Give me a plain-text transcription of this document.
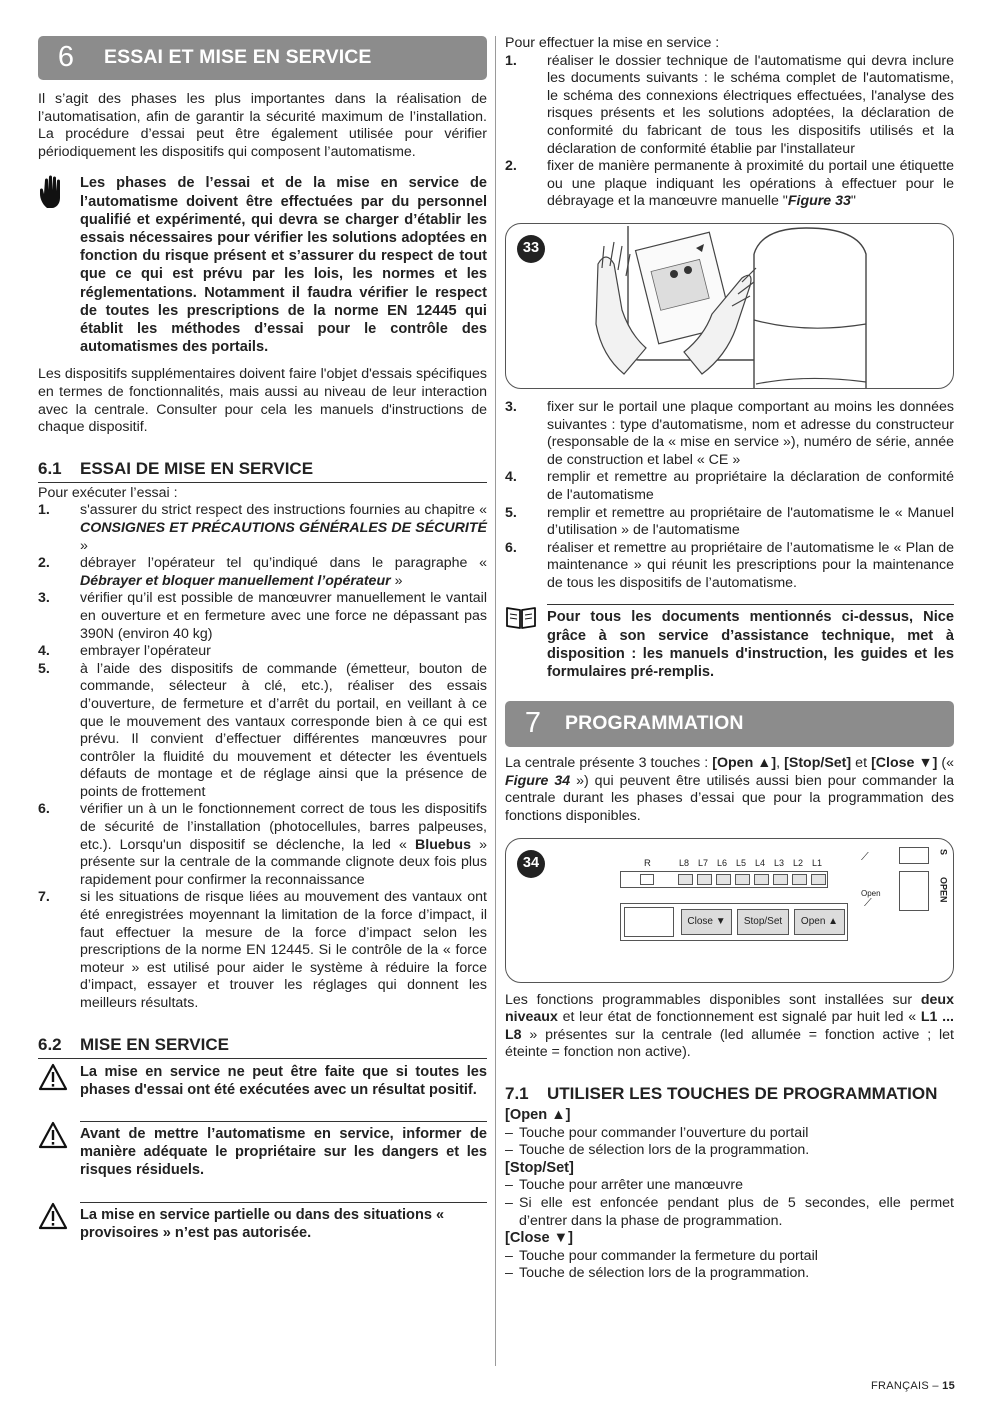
6	ESSAI ET MISE EN SERVICE

Il s’agit des phases les plus importantes dans la réalisation de l’automatisation, afin de garantir la sécurité maximum de l’installation. La procédure d’essai peut être également utilisée pour vérifier périodiquement les dispositifs qui composent l’automatisme.

Les phases de l’essai et de la mise en service de l’automatisme doivent être effectuées par du personnel qualifié et expérimenté, qui devra se charger d’établir les essais nécessaires pour vérifier les solutions adoptées en fonction du risque présent et s’assurer du respect de tout que ce qui est prévu par les lois, les normes et les réglementations. Notamment il faudra vérifier le respect de toutes les prescriptions de la norme EN 12445 qui établit les méthodes d’essai pour le contrôle des automatismes des portails.

Les dispositifs supplémentaires doivent faire l'objet d'essais spécifiques en termes de fonctionnalités, mais aussi au niveau de leur interaction avec la centrale. Consulter pour cela les manuels d'instructions de chaque dispositif.

6.1	ESSAI DE MISE EN SERVICE

Pour exécuter l’essai :

1.	s'assurer du strict respect des instructions fournies au chapitre « CONSIGNES ET PRÉCAUTIONS GÉNÉRALES DE SÉCURITÉ »
2.	débrayer l’opérateur tel qu’indiqué dans le paragraphe « Débrayer et bloquer manuellement l’opérateur »
3.	vérifier qu’il est possible de manœuvrer manuellement le vantail en ouverture et en fermeture avec une force ne dépassant pas 390N (environ 40 kg)
4.	embrayer l’opérateur
5.	à l’aide des dispositifs de commande (émetteur, bouton de commande, sélecteur à clé, etc.), réaliser des essais d’ouverture, de fermeture et d’arrêt du portail, en veillant à ce que le mouvement des vantaux corresponde bien à ce qui est prévu. Il convient d’effectuer différentes manœuvres pour contrôler la fluidité du mouvement et détecter les éventuels défauts de montage et de réglage ainsi que la présence de points de frottement
6.	vérifier un à un le fonctionnement correct de tous les dispositifs de sécurité de l’installation (photocellules, barres palpeuses, etc.). Lorsqu'un dispositif se déclenche, la led « Bluebus » présente sur la centrale de la commande clignote deux fois plus rapidement pour confirmer la reconnaissance
7.	si les situations de risque liées au mouvement des vantaux ont été enregistrées moyennant la limitation de la force d’impact, il faut effectuer la mesure de la force d’impact selon les prescriptions de la norme EN 12445. Si le contrôle de la « force moteur » est utilisé pour aider le système à réduire la force d’impact, essayer et trouver les réglages qui donnent les meilleurs résultats.
6.2	MISE EN SERVICE

La mise en service ne peut être faite que si toutes les phases d'essai ont été exécutées avec un résultat positif.

Avant de mettre l’automatisme en service, informer de manière adéquate le propriétaire sur les dangers et les risques résiduels.

La mise en service partielle ou dans des situations « provisoires » n’est pas autorisée.

Pour effectuer la mise en service :

1.	réaliser le dossier technique de l'automatisme qui devra inclure les documents suivants : le schéma complet de l'automatisme, le schéma des connexions électriques effectuées, l'analyse des risques présents et les solutions adoptées, la déclaration de conformité du fabricant de tous les dispositifs utilisés et la déclaration de conformité établie par l'installateur
2.	fixer de manière permanente à proximité du portail une étiquette ou une plaque indiquant les opérations à effectuer pour le débrayage et la manœuvre manuelle "Figure 33"
33
3.	fixer sur le portail une plaque comportant au moins les données suivantes : type d'automatisme, nom et adresse du constructeur (responsable de la « mise en service »), numéro de série, année de construction et label « CE »
4.	remplir et remettre au propriétaire la déclaration de conformité de l'automatisme
5.	remplir et remettre au propriétaire de l'automatisme le « Manuel d’utilisation » de l'automatisme
6.	réaliser et remettre au propriétaire de l’automatisme le « Plan de maintenance » qui réunit les prescriptions pour la maintenance de tous les dispositifs de l’automatisme.

Pour tous les documents mentionnés ci-dessus, Nice grâce à son service d’assistance technique, met à disposition : les manuels d'instruction, les guides et les formulaires pré-remplis.

7	PROGRAMMATION

La centrale présente 3 touches : [Open ▲], [Stop/Set] et [Close ▼] (« Figure 34 ») qui peuvent être utilisés aussi bien pour commander la centrale durant les phases d’essai que pour la programmation des fonctions disponibles.

34	R	L8 L7 L6 L5 L4 L3 L2 L1
Close ▼	Stop/Set	Open ▲
⟋
Open
⟋
S
OPEN

Les fonctions programmables disponibles sont installées sur deux niveaux et leur état de fonctionnement est signalé par huit led « L1 ... L8 » présentes sur la centrale (led allumée = fonction active ; let éteinte = fonction non active).

7.1	UTILISER LES TOUCHES DE PROGRAMMATION
[Open ▲]
– Touche pour commander l’ouverture du portail
– Touche de sélection lors de la programmation.
[Stop/Set]
– Touche pour arrêter une manœuvre
– Si elle est enfoncée pendant plus de 5 secondes, elle permet d’entrer dans la phase de programmation.
[Close ▼]
– Touche pour commander la fermeture du portail
– Touche de sélection lors de la programmation.
FRANÇAIS – 15
